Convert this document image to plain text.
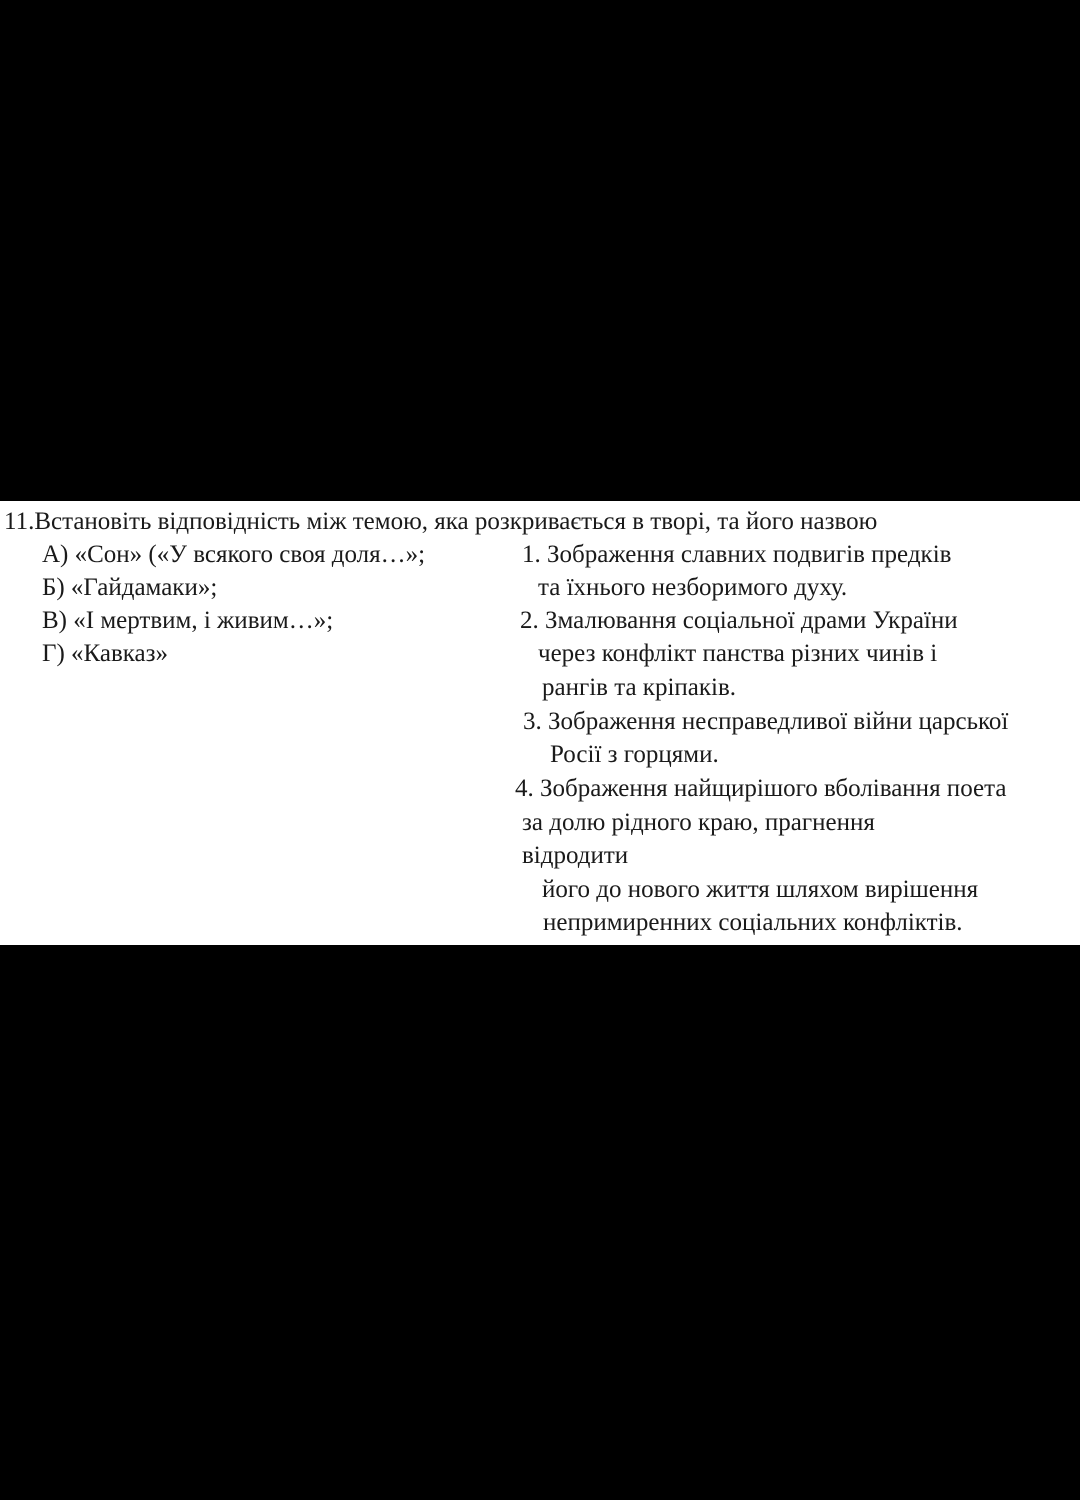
11.Встановіть відповідність між темою, яка розкривається в творі, та його назвою
А) «Сон» («У всякого своя доля…»;
Б) «Гайдамаки»;
В) «І мертвим, і живим…»;
Г) «Кавказ»
1. Зображення славних подвигів предків
та їхнього незборимого духу.
2. Змалювання соціальної драми України
через конфлікт панства різних чинів і
рангів та кріпаків.
3. Зображення несправедливої війни царської
Росії з горцями.
4. Зображення найщирішого вболівання поета
за долю рідного краю, прагнення
відродити
його до нового життя шляхом вирішення
непримиренних соціальних конфліктів.
